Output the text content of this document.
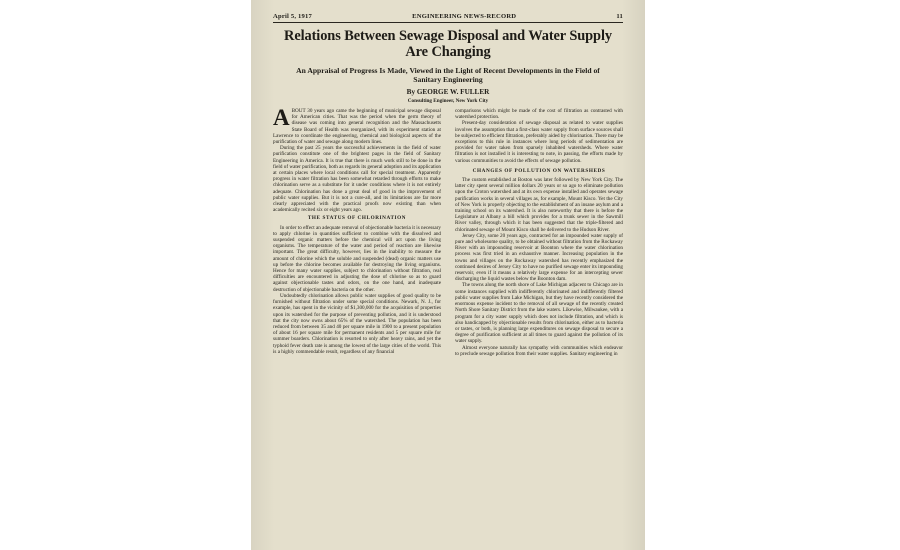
April 5, 1917	ENGINEERING NEWS-RECORD	11
Relations Between Sewage Disposal and Water Supply Are Changing
An Appraisal of Progress Is Made, Viewed in the Light of Recent Developments in the Field of Sanitary Engineering
By GEORGE W. FULLER
Consulting Engineer, New York City

ABOUT 30 years ago came the beginning of municipal sewage disposal for American cities. That was the period when the germ theory of disease was coming into general recognition and the Massachusetts State Board of Health was reorganized, with its experiment station at Lawrence to coordinate the engineering, chemical and biological aspects of the purification of water and sewage along modern lines.

During the past 25 years the successful achievements in the field of water purification constitute one of the brightest pages in the field of Sanitary Engineering in America. It is true that there is much work still to be done in the field of water purification, both as regards its general adoption and its application at certain places where local conditions call for special treatment. Apparently progress in water filtration has been somewhat retarded through efforts to make chlorination serve as a substitute for it under conditions where it is not entirely adequate. Chlorination has done a great deal of good in the improvement of public water supplies. But it is not a cure-all, and its limitations are far more clearly appreciated with the practical proofs now existing than when academically recited six or eight years ago.

THE STATUS OF CHLORINATION

In order to effect an adequate removal of objectionable bacteria it is necessary to apply chlorine in quantities sufficient to combine with the dissolved and suspended organic matters before the chemical will act upon the living organisms. The temperature of the water and period of reaction are likewise important. The great difficulty, however, lies in the inability to measure the amount of chlorine which the soluble and suspended (dead) organic matters use up before the chlorine becomes available for destroying the living organisms. Hence for many water supplies, subject to chlorination without filtration, real difficulties are encountered in adjusting the dose of chlorine so as to guard against objectionable tastes and odors, on the one hand, and inadequate destruction of objectionable bacteria on the other.

Undoubtedly chlorination allows public water supplies of good quality to be furnished without filtration under some special conditions. Newark, N. J., for example, has spent in the vicinity of $1,300,000 for the acquisition of properties upon its watershed for the purpose of preventing pollution, and it is understood that the city now owns about 65% of the watershed. The population has been reduced from between 35 and 40 per square mile in 1900 to a present population of about 16 per square mile for permanent residents and 5 per square mile for summer boarders. Chlorination is resorted to only after heavy rains, and yet the typhoid fever death rate is among the lowest of the large cities of the world. This is a highly commendable result, regardless of any financial

comparisons which might be made of the cost of filtration as contrasted with watershed protection.

Present-day consideration of sewage disposal as related to water supplies involves the assumption that a first-class water supply from surface sources shall be subjected to efficient filtration, preferably aided by chlorination. There may be exceptions to this rule in instances where long periods of sedimentation are provided for water taken from sparsely inhabited watersheds. Where water filtration is not installed it is interesting to note, in passing, the efforts made by various communities to avoid the effects of sewage pollution.

CHANGES OF POLLUTION ON WATERSHEDS

The custom established at Boston was later followed by New York City. The latter city spent several million dollars 20 years or so ago to eliminate pollution upon the Croton watershed and at its own expense installed and operates sewage purification works in several villages as, for example, Mount Kisco. Yet the City of New York is properly objecting to the establishment of an insane asylum and a training school on its watershed. It is also noteworthy that there is before the Legislature at Albany a bill which provides for a trunk sewer in the Sawmill River valley, through which it has been suggested that the triple-filtered and chlorinated sewage of Mount Kisco shall be delivered to the Hudson River.

Jersey City, some 20 years ago, contracted for an impounded water supply of pure and wholesome quality, to be obtained without filtration from the Rockaway River with an impounding reservoir at Boonton where the water chlorination process was first tried in an exhaustive manner. Increasing population in the towns and villages on the Rockaway watershed has recently emphasized the continued desires of Jersey City to have no purified sewage enter its impounding reservoir, even if it means a relatively large expense for an intercepting sewer discharging the liquid wastes below the Boonton dam.

The towns along the north shore of Lake Michigan adjacent to Chicago are in some instances supplied with indifferently chlorinated and indifferently filtered public water supplies from Lake Michigan, but they have recently considered the enormous expense incident to the removal of all sewage of the recently created North Shore Sanitary District from the lake waters. Likewise, Milwaukee, with a program for a city water supply which does not include filtration, and which is also handicapped by objectionable results from chlorination, either as to bacteria or tastes, or both, is planning large expenditures on sewage disposal to secure a degree of purification sufficient at all times to guard against the pollution of its water supply.

Almost everyone naturally has sympathy with communities which endeavor to preclude sewage pollution from their water supplies. Sanitary engineering in
